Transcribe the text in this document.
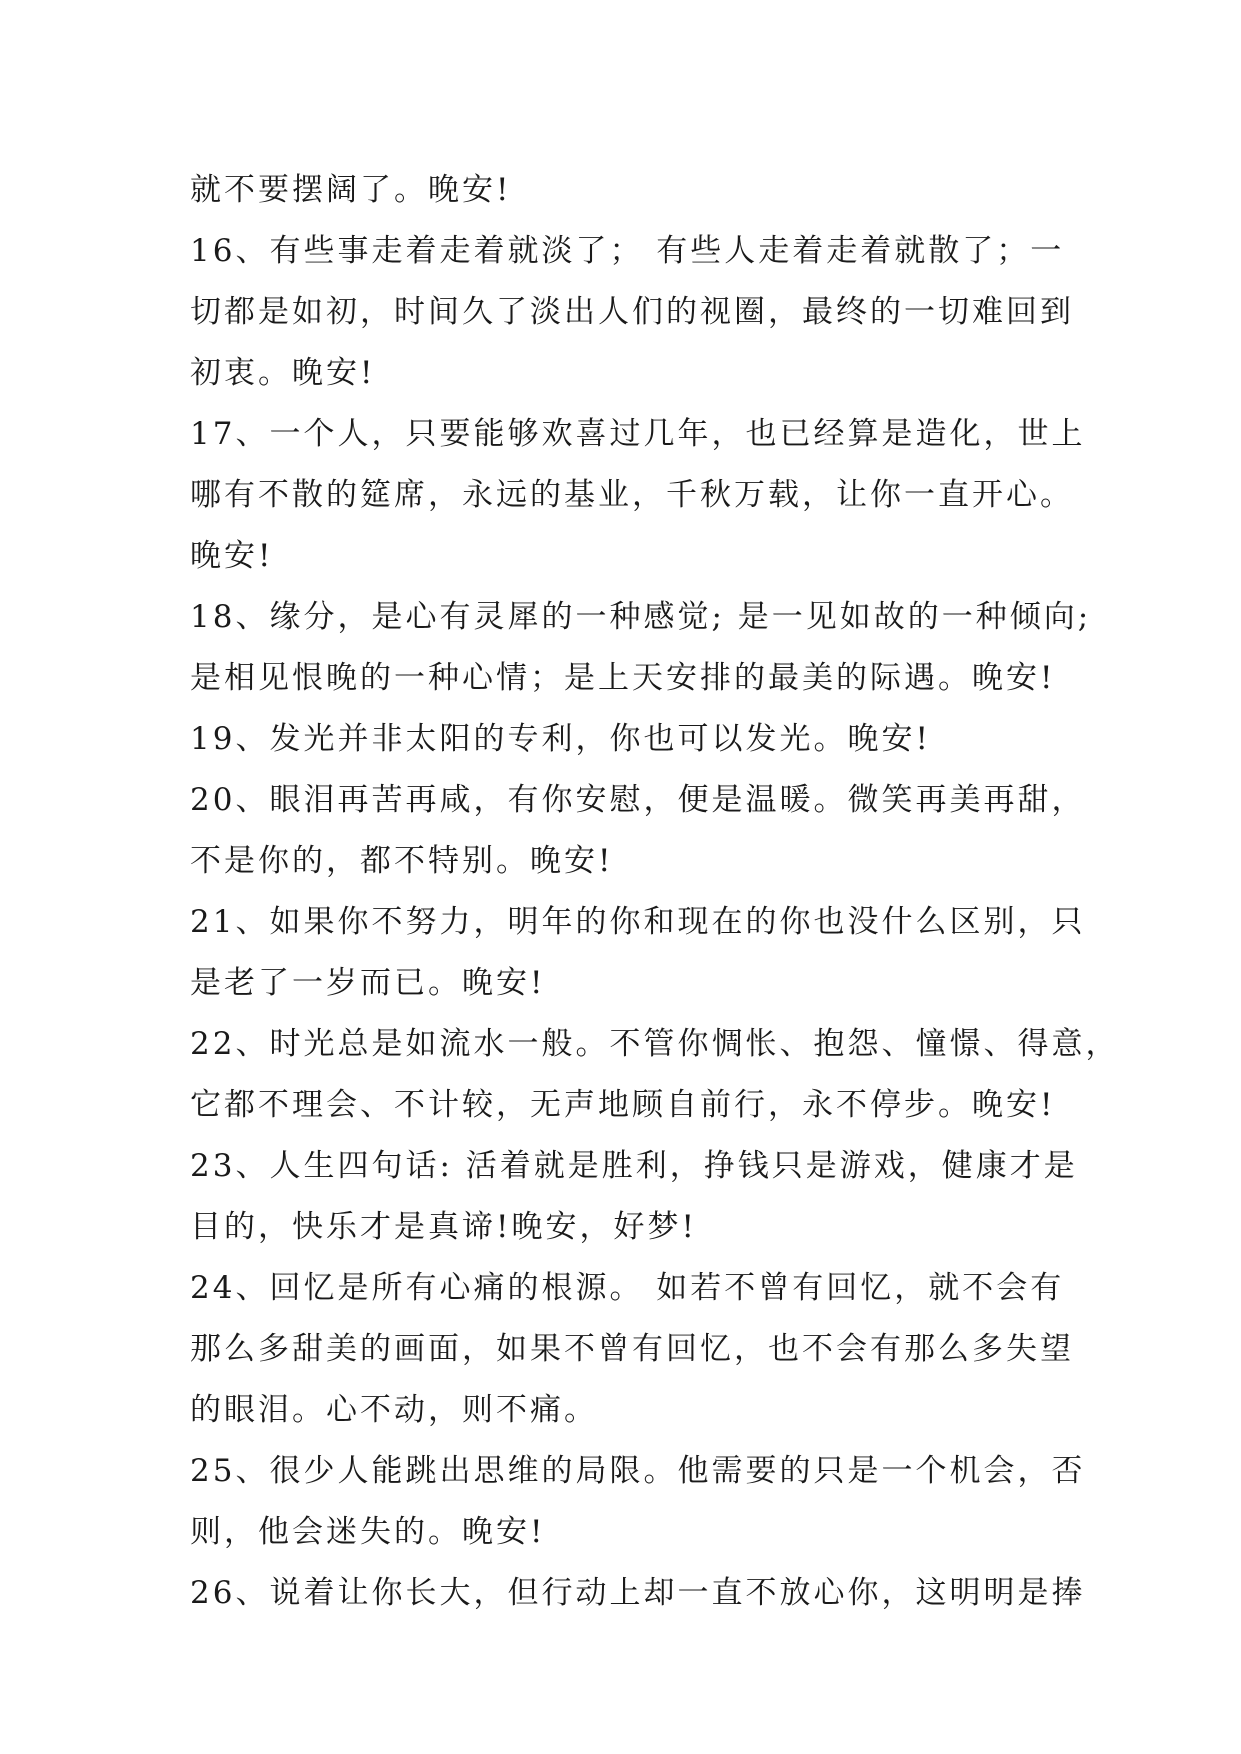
就不要摆阔了。晚安!
16、有些事走着走着就淡了； 有些人走着走着就散了；一
切都是如初，时间久了淡出人们的视圈，最终的一切难回到
初衷。晚安!
17、一个人，只要能够欢喜过几年，也已经算是造化，世上
哪有不散的筵席，永远的基业，千秋万载，让你一直开心。
晚安!
18、缘分，是心有灵犀的一种感觉; 是一见如故的一种倾向;
是相见恨晚的一种心情；是上天安排的最美的际遇。晚安!
19、发光并非太阳的专利，你也可以发光。晚安!
20、眼泪再苦再咸，有你安慰，便是温暖。微笑再美再甜，
不是你的，都不特别。晚安!
21、如果你不努力，明年的你和现在的你也没什么区别，只
是老了一岁而已。晚安!
22、时光总是如流水一般。不管你惆怅、抱怨、憧憬、得意，
它都不理会、不计较，无声地顾自前行，永不停步。晚安!
23、人生四句话: 活着就是胜利，挣钱只是游戏，健康才是
目的，快乐才是真谛!晚安，好梦!
24、回忆是所有心痛的根源。 如若不曾有回忆，就不会有
那么多甜美的画面，如果不曾有回忆，也不会有那么多失望
的眼泪。心不动，则不痛。
25、很少人能跳出思维的局限。他需要的只是一个机会，否
则，他会迷失的。晚安!
26、说着让你长大，但行动上却一直不放心你，这明明是捧
